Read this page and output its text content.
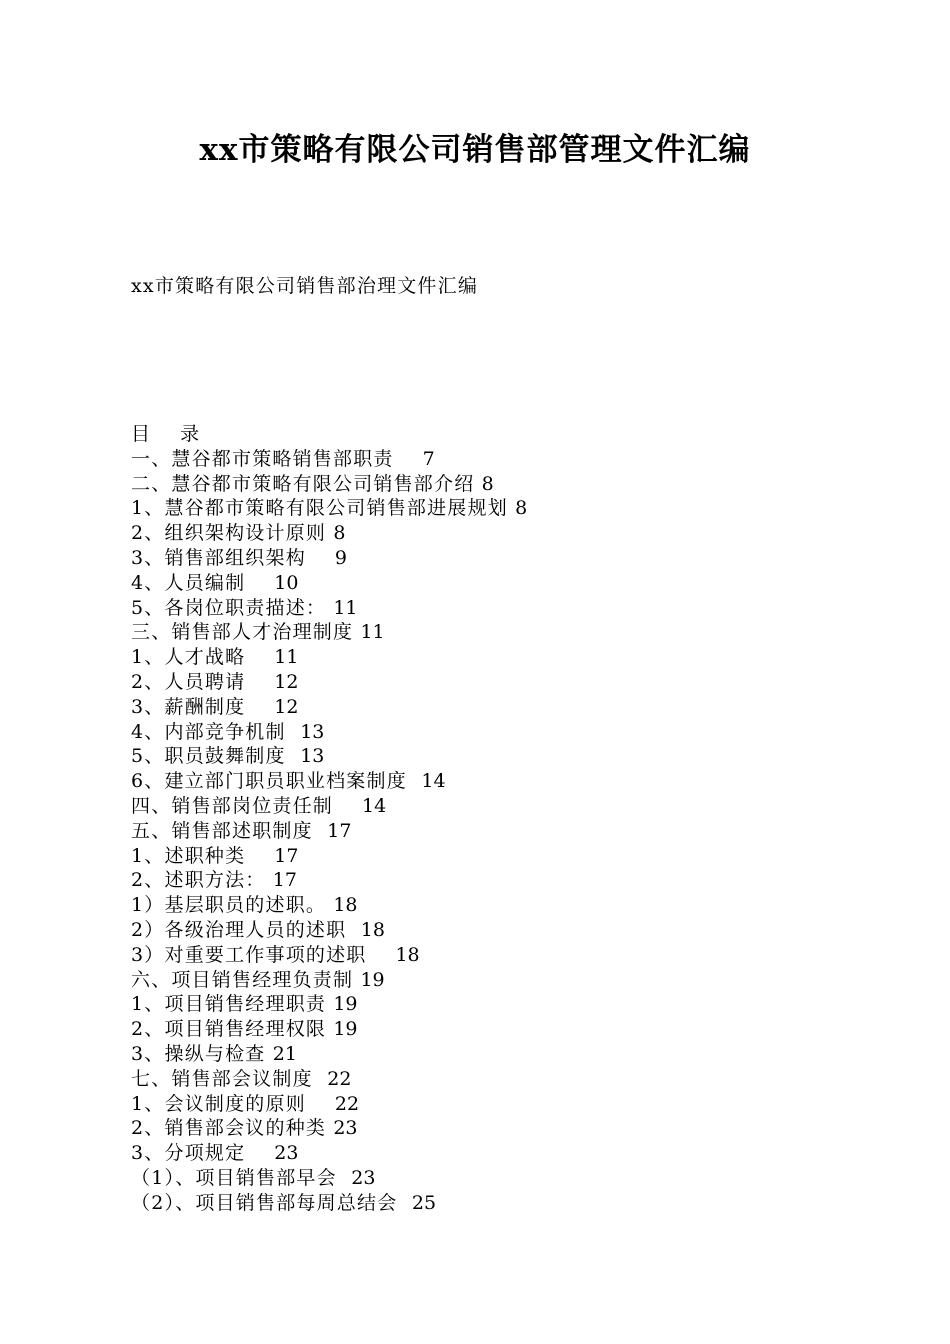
xx市策略有限公司销售部管理文件汇编
xx市策略有限公司销售部治理文件汇编
目    录
一、慧谷都市策略销售部职责 7
二、慧谷都市策略有限公司销售部介绍 8
1、慧谷都市策略有限公司销售部进展规划 8
2、组织架构设计原则 8
3、销售部组织架构 9
4、人员编制 10
5、各岗位职责描述： 11
三、销售部人才治理制度 11
1、人才战略 11
2、人员聘请 12
3、薪酬制度 12
4、内部竞争机制 13
5、职员鼓舞制度 13
6、建立部门职员职业档案制度 14
四、销售部岗位责任制 14
五、销售部述职制度 17
1、述职种类 17
2、述职方法： 17
1）基层职员的述职。 18
2）各级治理人员的述职 18
3）对重要工作事项的述职 18
六、项目销售经理负责制 19
1、项目销售经理职责 19
2、项目销售经理权限 19
3、操纵与检查 21
七、销售部会议制度 22
1、会议制度的原则 22
2、销售部会议的种类 23
3、分项规定 23
（1）、项目销售部早会 23
（2）、项目销售部每周总结会 25
